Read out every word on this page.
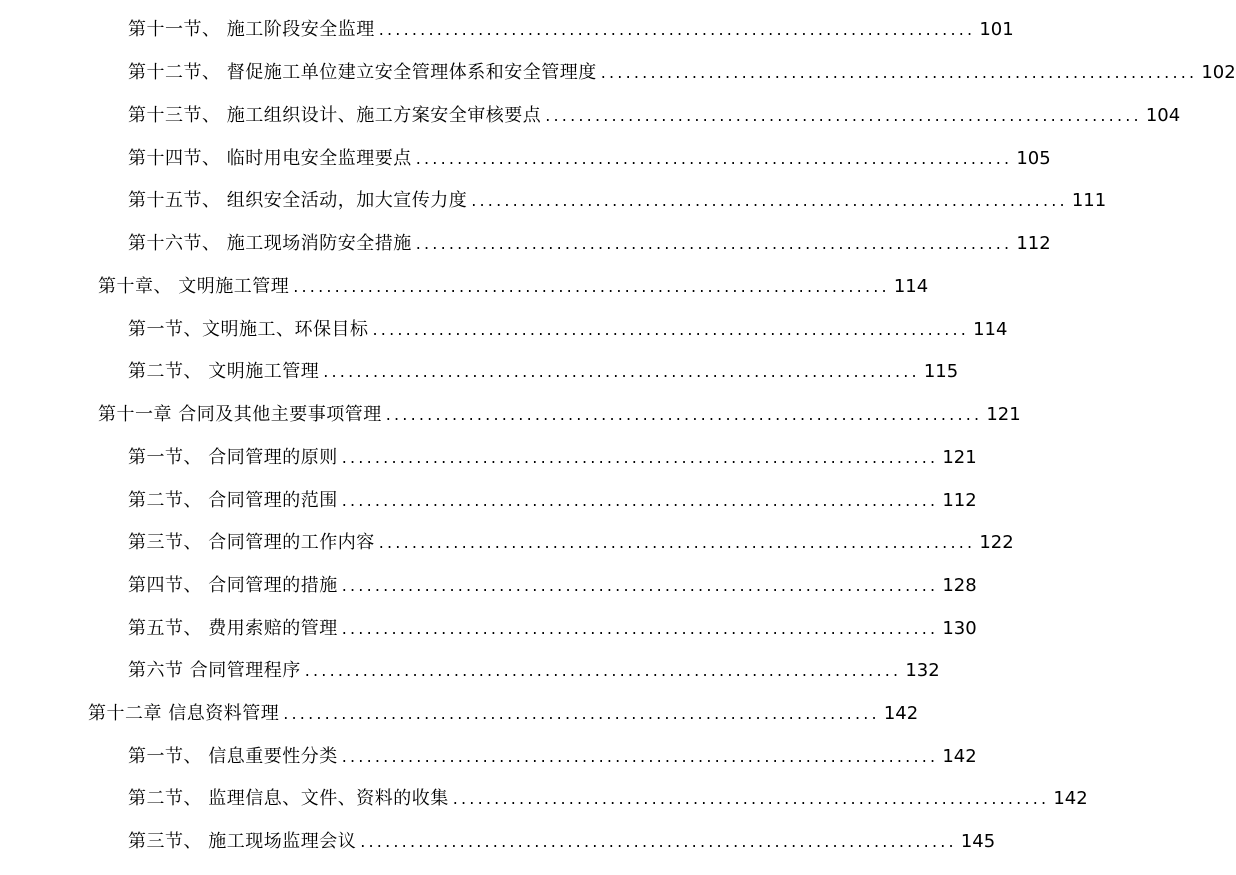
第十一节、 施工阶段安全监理 ........................................................................ 101
第十二节、 督促施工单位建立安全管理体系和安全管理度 ........................................................................ 102
第十三节、 施工组织设计、施工方案安全审核要点 ........................................................................ 104
第十四节、 临时用电安全监理要点 ........................................................................ 105
第十五节、 组织安全活动，加大宣传力度 ........................................................................ 111
第十六节、 施工现场消防安全措施 ........................................................................ 112
第十章、 文明施工管理 ........................................................................ 114
第一节、文明施工、环保目标 ........................................................................ 114
第二节、 文明施工管理 ........................................................................ 115
第十一章 合同及其他主要事项管理 ........................................................................ 121
第一节、 合同管理的原则 ........................................................................ 121
第二节、 合同管理的范围 ........................................................................ 112
第三节、 合同管理的工作内容 ........................................................................ 122
第四节、 合同管理的措施 ........................................................................ 128
第五节、 费用索赔的管理 ........................................................................ 130
第六节 合同管理程序 ........................................................................ 132
第十二章 信息资料管理 ........................................................................ 142
第一节、 信息重要性分类 ........................................................................ 142
第二节、 监理信息、文件、资料的收集 ........................................................................ 142
第三节、 施工现场监理会议 ........................................................................ 145
